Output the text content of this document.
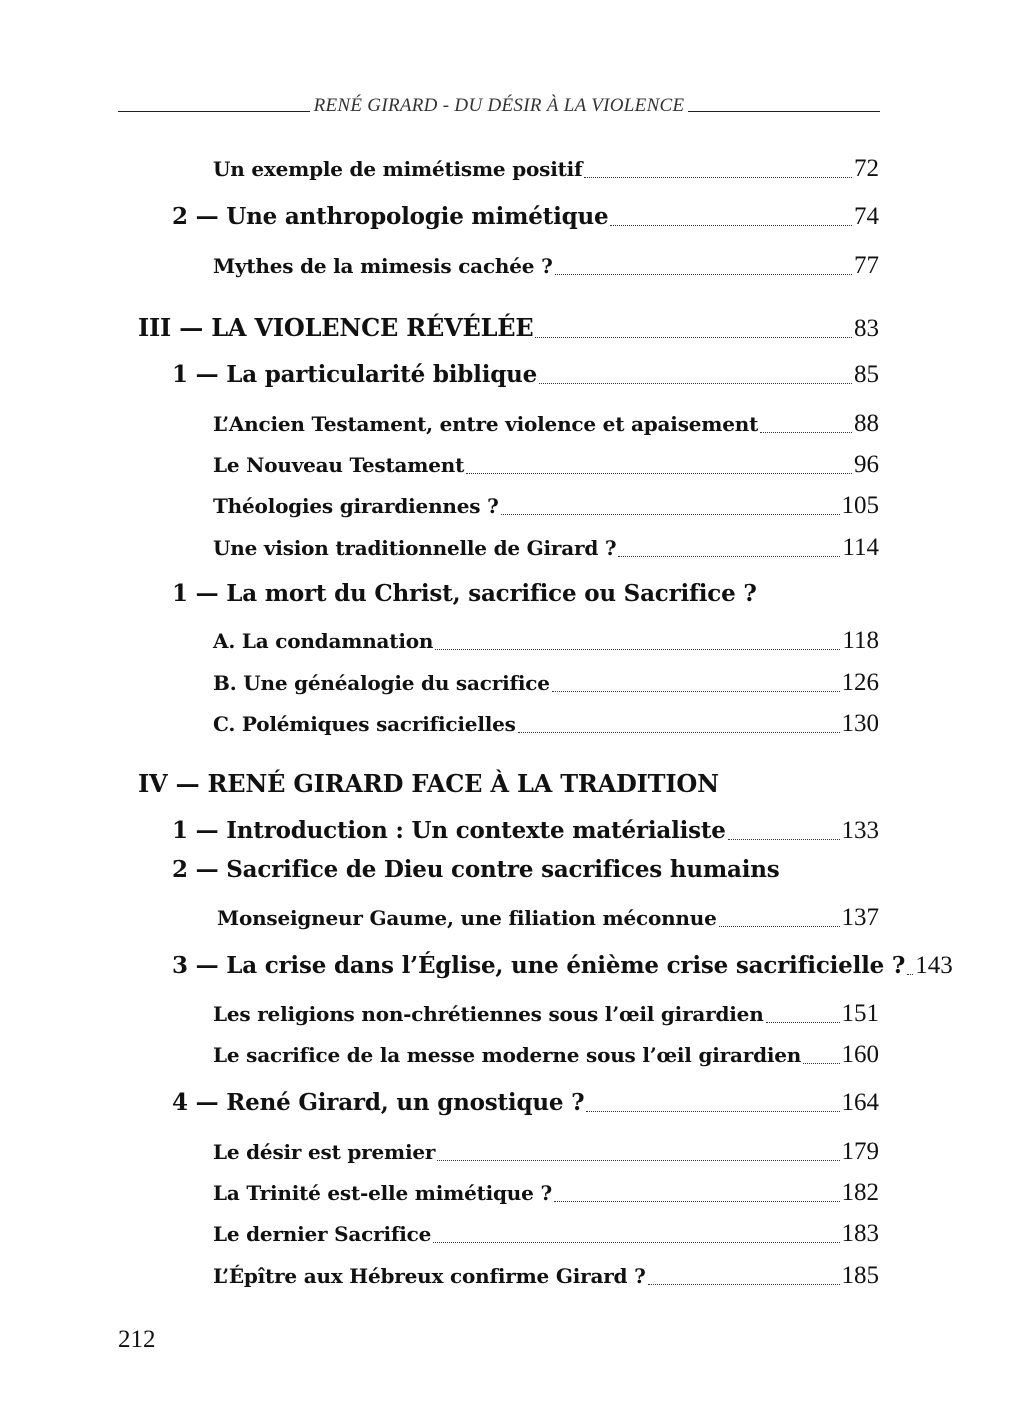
RENÉ GIRARD - DU DÉSIR À LA VIOLENCE
Un exemple de mimétisme positif	72
2 — Une anthropologie mimétique	74
Mythes de la mimesis cachée ?	77
III — LA VIOLENCE RÉVÉLÉE	83
1 — La particularité biblique	85
L’Ancien Testament, entre violence et apaisement	88
Le Nouveau Testament	96
Théologies girardiennes ?	105
Une vision traditionnelle de Girard ?	114
1 — La mort du Christ, sacrifice ou Sacrifice ?
A. La condamnation	118
B. Une généalogie du sacrifice	126
C. Polémiques sacrificielles	130
IV — RENÉ GIRARD FACE À LA TRADITION
1 — Introduction : Un contexte matérialiste	133
2 — Sacrifice de Dieu contre sacrifices humains
Monseigneur Gaume, une filiation méconnue	137
3 — La crise dans l’Église, une énième crise sacrificielle ? 143
Les religions non-chrétiennes sous l’œil girardien	151
Le sacrifice de la messe moderne sous l’œil girardien 160
4 — René Girard, un gnostique ?	164
Le désir est premier	179
La Trinité est-elle mimétique ?	182
Le dernier Sacrifice	183
L’Épître aux Hébreux confirme Girard ?	185
212
